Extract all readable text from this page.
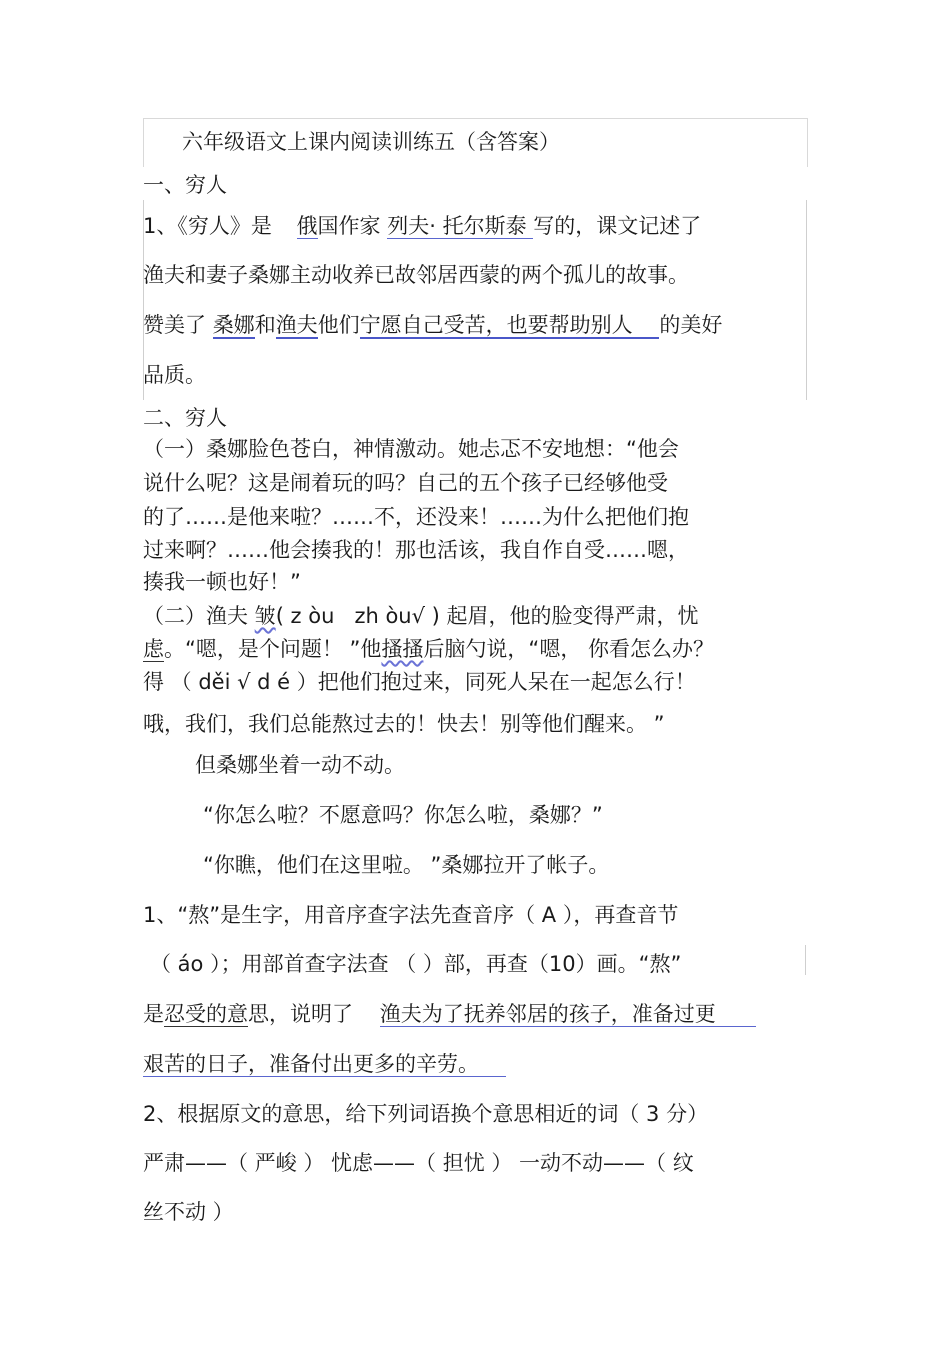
六年级语文上课内阅读训练五（含答案）
一、穷人
1、《穷人》是 俄国作家 列夫· 托尔斯泰 写的，课文记述了
渔夫和妻子桑娜主动收养已故邻居西蒙的两个孤儿的故事。
赞美了 桑娜和渔夫他们宁愿自己受苦，也要帮助别人    的美好
品质。
二、穷人
（一）桑娜脸色苍白，神情激动。她忐忑不安地想：“他会
说什么呢？这是闹着玩的吗？自己的五个孩子已经够他受
的了……是他来啦？……不，还没来！……为什么把他们抱
过来啊？……他会揍我的！那也活该，我自作自受……嗯，
揍我一顿也好！”
（二）渔夫 皱( z òu   zh òu√ ) 起眉，他的脸变得严肃，忧
虑。“嗯，是个问题！ ”他搔搔后脑勺说，“嗯， 你看怎么办？
得 （ děi √ d é ）把他们抱过来，同死人呆在一起怎么行！
哦，我们，我们总能熬过去的！快去！别等他们醒来。 ”
但桑娜坐着一动不动。
“你怎么啦？不愿意吗？你怎么啦，桑娜？”
“你瞧，他们在这里啦。 ”桑娜拉开了帐子。
1、“熬”是生字，用音序查字法先查音序（ A ），再查音节
（ áo ）；用部首查字法查 （ ）部，再查（10）画。“熬”
是忍受的意思，说明了    渔夫为了抚养邻居的孩子，准备过更
艰苦的日子，准备付出更多的辛劳。
2、根据原文的意思，给下列词语换个意思相近的词（ 3 分）
严肃——（ 严峻 ） 忧虑——（ 担忧 ） 一动不动——（ 纹
丝不动 ）
